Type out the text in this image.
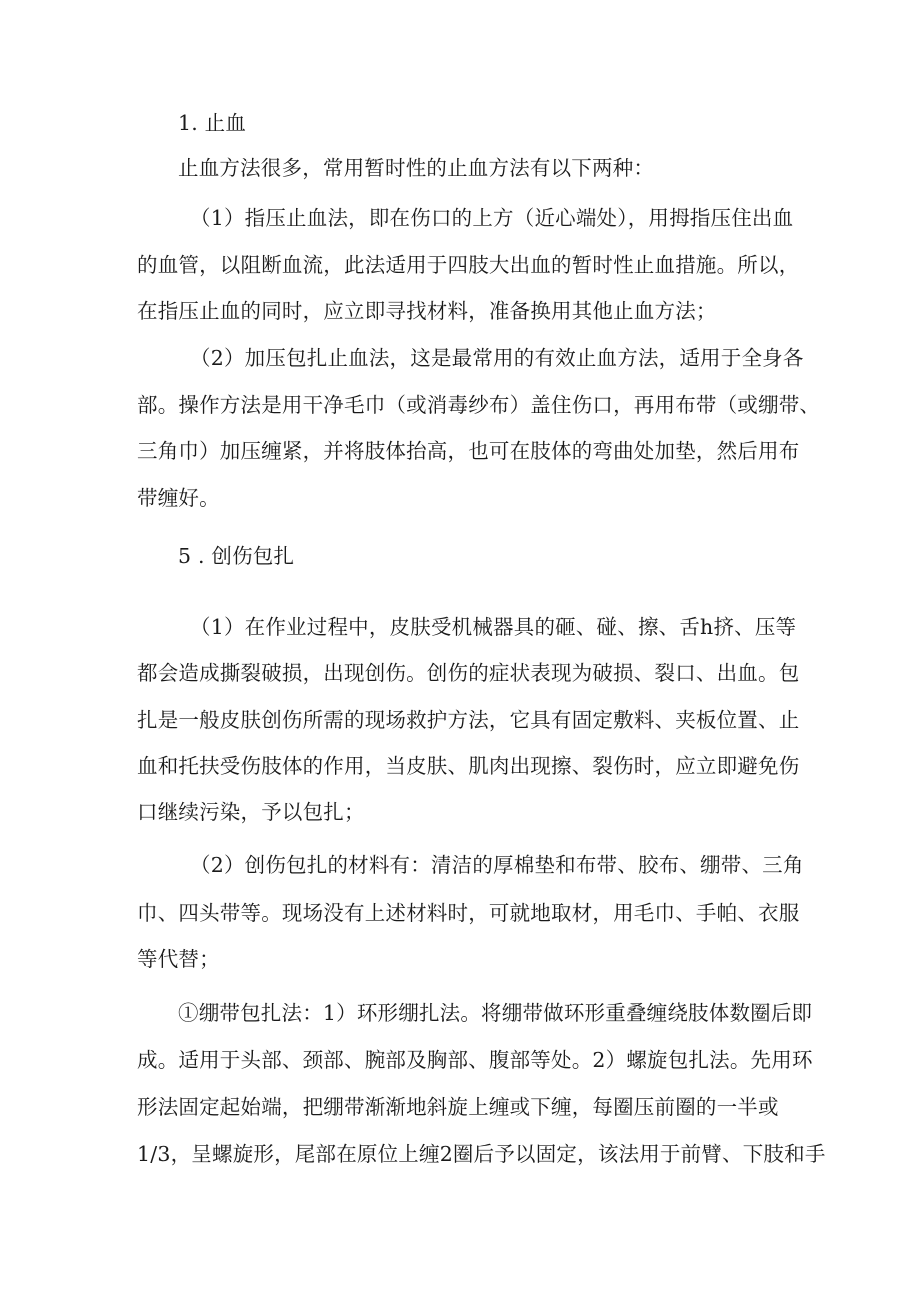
1. 止血
止血方法很多，常用暂时性的止血方法有以下两种：
（1）指压止血法，即在伤口的上方（近心端处），用拇指压住出血
的血管，以阻断血流，此法适用于四肢大出血的暂时性止血措施。所以，
在指压止血的同时，应立即寻找材料，准备换用其他止血方法；
（2）加压包扎止血法，这是最常用的有效止血方法，适用于全身各
部。操作方法是用干净毛巾（或消毒纱布）盖住伤口，再用布带（或绷带、
三角巾）加压缠紧，并将肢体抬高，也可在肢体的弯曲处加垫，然后用布
带缠好。
5 . 创伤包扎
（1）在作业过程中，皮肤受机械器具的砸、碰、擦、舌h挤、压等
都会造成撕裂破损，出现创伤。创伤的症状表现为破损、裂口、出血。包
扎是一般皮肤创伤所需的现场救护方法，它具有固定敷料、夹板位置、止
血和托扶受伤肢体的作用，当皮肤、肌肉出现擦、裂伤时，应立即避免伤
口继续污染，予以包扎；
（2）创伤包扎的材料有：清洁的厚棉垫和布带、胶布、绷带、三角
巾、四头带等。现场没有上述材料时，可就地取材，用毛巾、手帕、衣服
等代替；
①绷带包扎法：1）环形绷扎法。将绷带做环形重叠缠绕肢体数圈后即
成。适用于头部、颈部、腕部及胸部、腹部等处。2）螺旋包扎法。先用环
形法固定起始端，把绷带渐渐地斜旋上缠或下缠，每圈压前圈的一半或
1/3，呈螺旋形，尾部在原位上缠2圈后予以固定，该法用于前臂、下肢和手
